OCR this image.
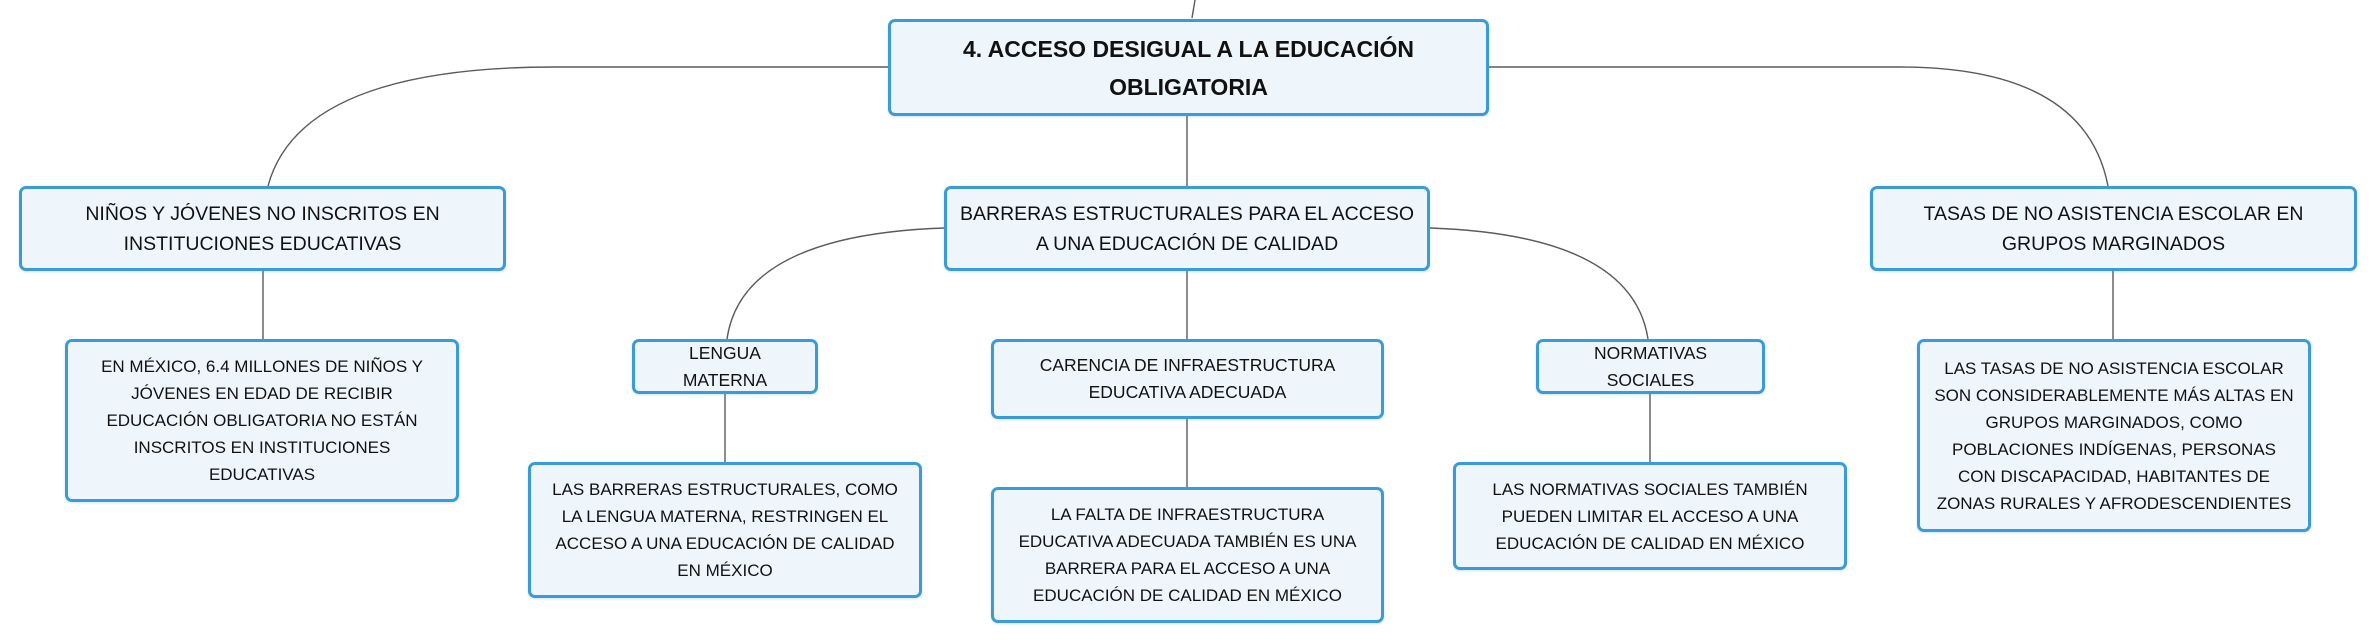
4. ACCESO DESIGUAL A LA EDUCACIÓN OBLIGATORIA
NIÑOS Y JÓVENES NO INSCRITOS EN INSTITUCIONES EDUCATIVAS
BARRERAS ESTRUCTURALES PARA EL ACCESO A UNA EDUCACIÓN DE CALIDAD
TASAS DE NO ASISTENCIA ESCOLAR EN GRUPOS MARGINADOS
EN MÉXICO, 6.4 MILLONES DE NIÑOS Y JÓVENES EN EDAD DE RECIBIR EDUCACIÓN OBLIGATORIA NO ESTÁN INSCRITOS EN INSTITUCIONES EDUCATIVAS
LENGUA MATERNA
CARENCIA DE INFRAESTRUCTURA EDUCATIVA ADECUADA
NORMATIVAS SOCIALES
LAS TASAS DE NO ASISTENCIA ESCOLAR SON CONSIDERABLEMENTE MÁS ALTAS EN GRUPOS MARGINADOS, COMO POBLACIONES INDÍGENAS, PERSONAS CON DISCAPACIDAD, HABITANTES DE ZONAS RURALES Y AFRODESCENDIENTES
LAS BARRERAS ESTRUCTURALES, COMO LA LENGUA MATERNA, RESTRINGEN EL ACCESO A UNA EDUCACIÓN DE CALIDAD EN MÉXICO
LA FALTA DE INFRAESTRUCTURA EDUCATIVA ADECUADA TAMBIÉN ES UNA BARRERA PARA EL ACCESO A UNA EDUCACIÓN DE CALIDAD EN MÉXICO
LAS NORMATIVAS SOCIALES TAMBIÉN PUEDEN LIMITAR EL ACCESO A UNA EDUCACIÓN DE CALIDAD EN MÉXICO
